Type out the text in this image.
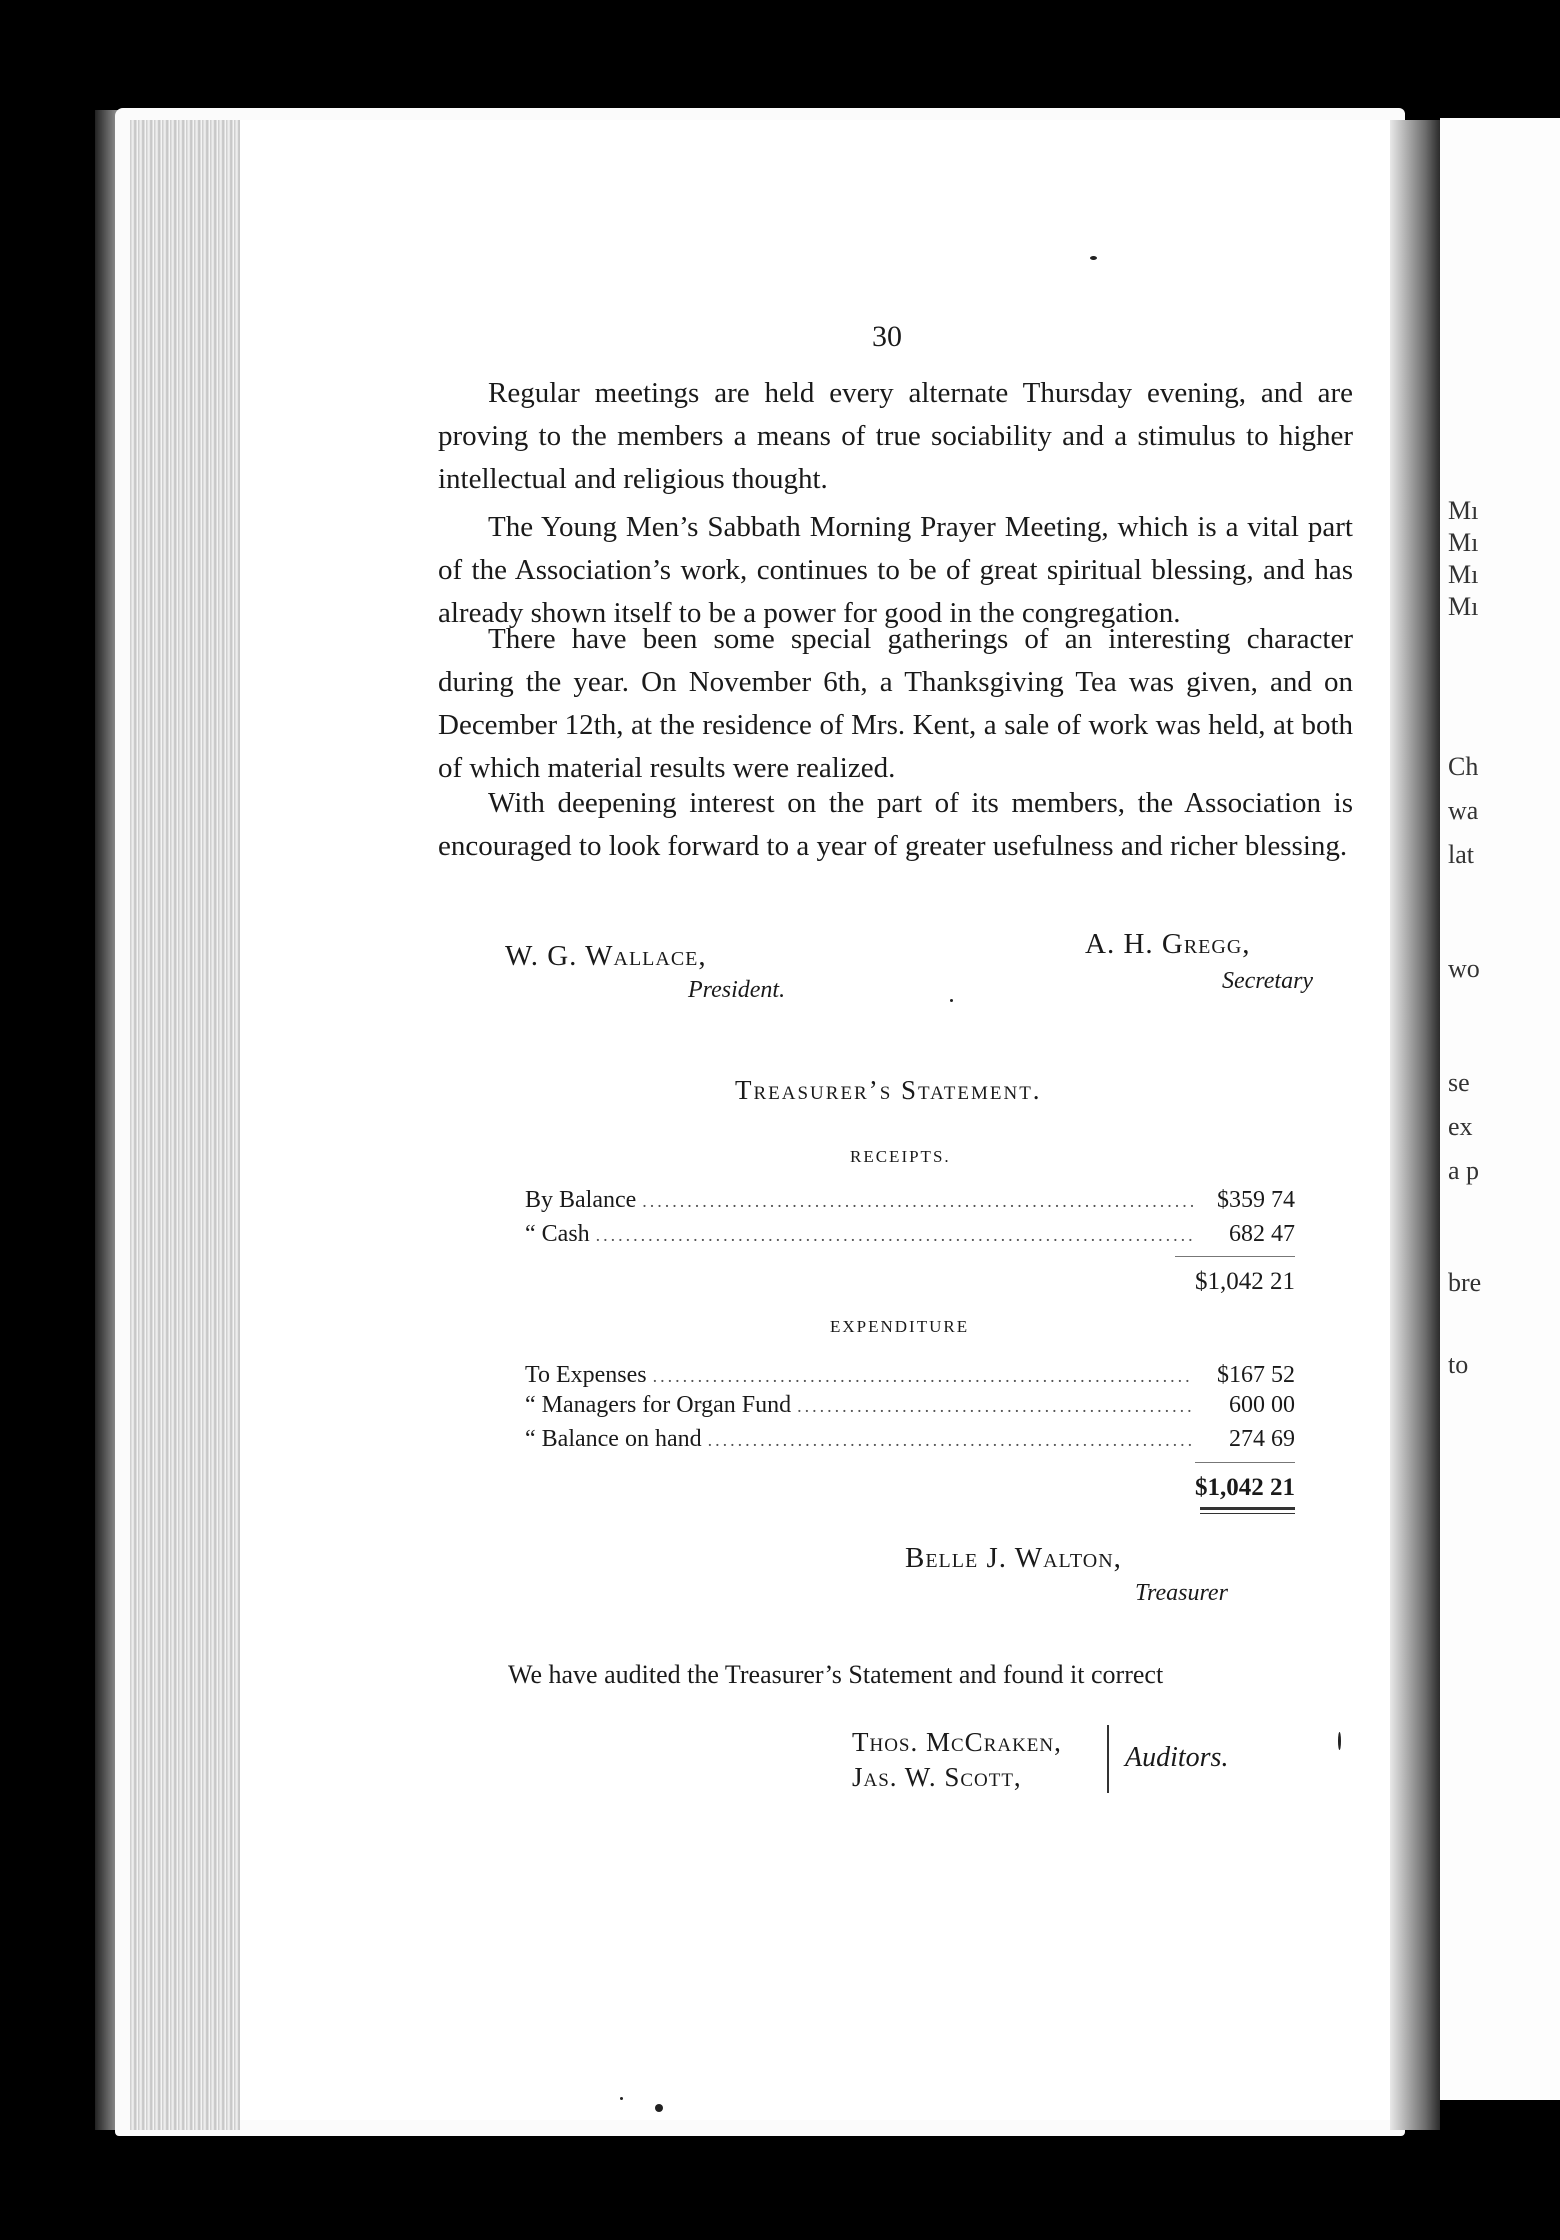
Mı
Mı
Mı
Mı
Ch
wa
lat
wo
se
ex
a p
bre
to
30

Regular meetings are held every alternate Thursday evening, and are proving to the members a means of true sociability and a stimulus to higher intellectual and religious thought.

The Young Men’s Sabbath Morning Prayer Meeting, which is a vital part of the Association’s work, continues to be of great spiritual blessing, and has already shown itself to be a power for good in the congregation.

There have been some special gatherings of an interesting character during the year. On November 6th, a Thanksgiving Tea was given, and on December 12th, at the residence of Mrs. Kent, a sale of work was held, at both of which material results were realized.

With deepening interest on the part of its members, the Association is encouraged to look forward to a year of greater usefulness and richer blessing.

W. G. Wallace,
President.
A. H. Gregg,
Secretary
Treasurer’s Statement.
RECEIPTS.
By Balance .....	$359 74
“ Cash .....	682 47
$1,042 21
EXPENDITURE
To Expenses .....	$167 52
“ Managers for Organ Fund .....	600 00
“ Balance on hand .....	274 69
$1,042 21
Belle J. Walton,
Treasurer
We have audited the Treasurer’s Statement and found it correct
Thos. McCraken,
Jas. W. Scott,
Auditors.
